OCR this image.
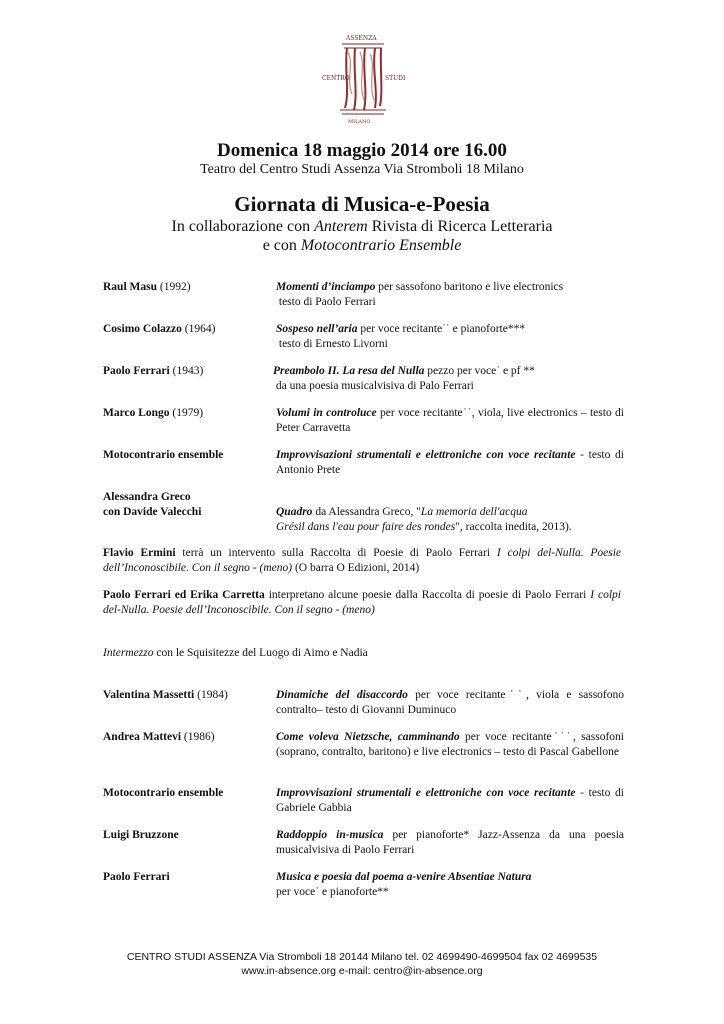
ASSENZA
CENTRO	STUDI
MILANO
Domenica 18 maggio 2014 ore 16.00
Teatro del Centro Studi Assenza Via Stromboli 18 Milano
Giornata di Musica-e-Poesia
In collaborazione con Anterem Rivista di Ricerca Letteraria
e con Motocontrario Ensemble
Raul Masu (1992)	Momenti d’inciampo per sassofono baritono e live electronics
testo di Paolo Ferrari
Cosimo Colazzo (1964)	Sospeso nell’aria per voce recitante˙˙ e pianoforte***
testo di Ernesto Livorni
Paolo Ferrari (1943)	Preambolo II. La resa del Nulla pezzo per voce˙ e pf **
da una poesia musicalvisiva di Palo Ferrari
Marco Longo (1979)	Volumi in controluce per voce recitante˙˙, viola, live electronics – testo di Peter Carravetta
Motocontrario ensemble	Improvvisazioni strumentali e elettroniche con voce recitante - testo di Antonio Prete
Alessandra Greco
con Davide Valecchi	Quadro da Alessandra Greco, "La memoria dell'acqua
Grésil dans l'eau pour faire des rondes", raccolta inedita, 2013).
Flavio Ermini terrà un intervento sulla Raccolta di Poesie di Paolo Ferrari I colpi del-Nulla. Poesie dell’Inconoscibile. Con il segno - (meno) (O barra O Edizioni, 2014)
Paolo Ferrari ed Erika Carretta interpretano alcune poesie dalla Raccolta di poesie di Paolo Ferrari I colpi del-Nulla. Poesie dell’Inconoscibile. Con il segno - (meno)
Intermezzo con le Squisitezze del Luogo di Aimo e Nadia
Valentina Massetti (1984)	Dinamiche del disaccordo per voce recitante˙˙, viola e sassofono contralto– testo di Giovanni Duminuco
Andrea Mattevi (1986)	Come voleva Nietzsche, camminando per voce recitante˙˙˙, sassofoni (soprano, contralto, baritono) e live electronics – testo di Pascal Gabellone
Motocontrario ensemble	Improvvisazioni strumentali e elettroniche con voce recitante - testo di Gabriele Gabbia
Luigi Bruzzone	Raddoppio in-musica per pianoforte* Jazz-Assenza da una poesia musicalvisiva di Paolo Ferrari
Paolo Ferrari	Musica e poesia dal poema a-venire Absentiae Natura
per voce˙ e pianoforte**
CENTRO STUDI ASSENZA Via Stromboli 18 20144 Milano tel. 02 4699490-4699504 fax 02 4699535
www.in-absence.org e-mail: centro@in-absence.org
